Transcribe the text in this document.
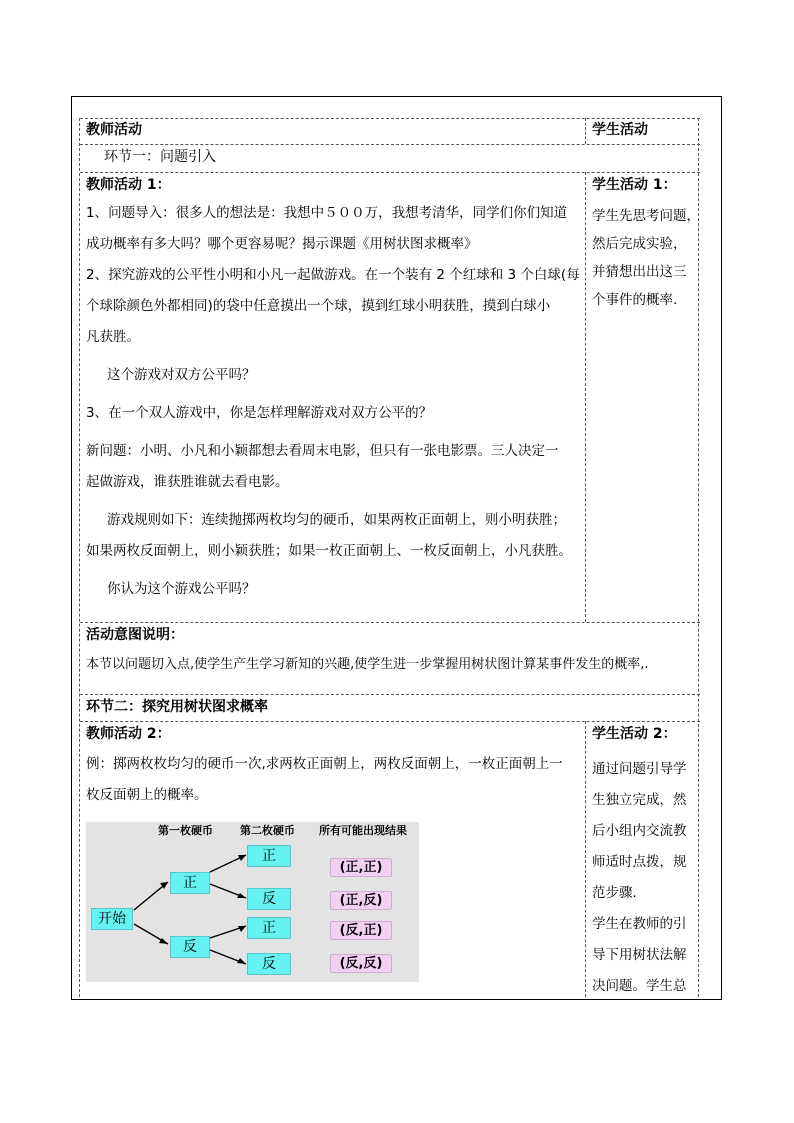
教师活动	学生活动
环节一：问题引入
教师活动 1：
1、问题导入：很多人的想法是：我想中５００万，我想考清华，同学们你们知道
成功概率有多大吗？哪个更容易呢？揭示课题《用树状图求概率》
2、探究游戏的公平性小明和小凡一起做游戏。在一个装有 2 个红球和 3 个白球(每
个球除颜色外都相同)的袋中任意摸出一个球，摸到红球小明获胜，摸到白球小
凡获胜。
这个游戏对双方公平吗？
3、在一个双人游戏中，你是怎样理解游戏对双方公平的？
新问题：小明、小凡和小颖都想去看周末电影，但只有一张电影票。三人决定一
起做游戏，谁获胜谁就去看电影。
游戏规则如下：连续抛掷两枚均匀的硬币，如果两枚正面朝上，则小明获胜；
如果两枚反面朝上，则小颖获胜；如果一枚正面朝上、一枚反面朝上，小凡获胜。
你认为这个游戏公平吗？
学生活动 1：
学生先思考问题，
然后完成实验，
并猜想出出这三
个事件的概率.
活动意图说明：
本节以问题切入点,使学生产生学习新知的兴趣,使学生进一步掌握用树状图计算某事件发生的概率,.
环节二：探究用树状图求概率
教师活动 2：
例：掷两枚枚均匀的硬币一次,求两枚正面朝上，两枚反面朝上，一枚正面朝上一
枚反面朝上的概率。
第一枚硬币 第二枚硬币 所有可能出现结果
开始
正
反
正
反
正
反
(正,正)
(正,反)
(反,正)
(反,反)
学生活动 2：
通过问题引导学
生独立完成，然
后小组内交流教
师适时点拨，规
范步骤.
学生在教师的引
导下用树状法解
决问题。学生总
